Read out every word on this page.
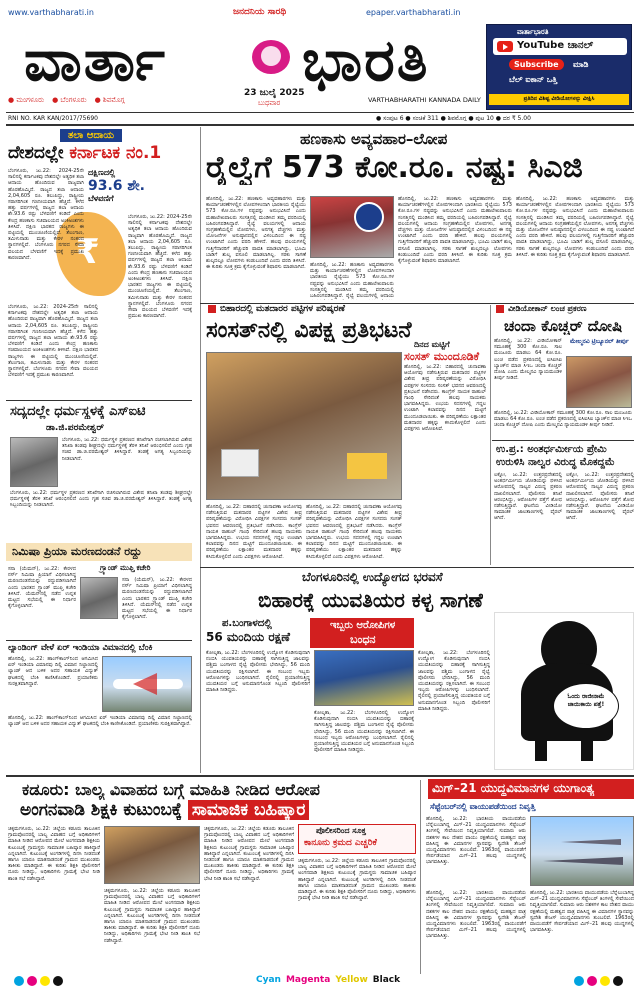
www.varthabharati.in	ಜನದನಿಯ ಸಾರಥಿ	epaper.varthabharati.in
ವಾರ್ತಾ ಭಾರತಿ
● ಮಂಗಳೂರು ● ಬೆಂಗಳೂರು ● ಶಿವಮೊಗ್ಗ
23 ಜುಲೈ 2025
ಬುಧವಾರ	VARTHABHARATHI KANNADA DAILY
ವಾರ್ತಾಭಾರತಿ
YouTube ಚಾನಲ್
Subscribe	ಮಾಡಿ
ಬೆಲ್ ಐಕಾನ್ ಒತ್ತಿ
ಪ್ರತಿದಿನ ವಿಶಿಷ್ಟ ವೀಡಿಯೋಗಳನ್ನು ವೀಕ್ಷಿಸಿ
RNI NO. KAR KAN/2017/75690	● ಸಂಪುಟ 6 ● ಸಂಚಿಕೆ 311 ● ಶಿವಮೊಗ್ಗ ● ಪುಟ 10 ● ದರ ₹ 5.00
ತಲಾ ಆದಾಯ
ದೇಶದಲ್ಲೇ ಕರ್ನಾಟಕ ನಂ.1
ದಕ್ಷಿಣದಲ್ಲಿ
93.6 ಶೇ.
ಬೆಳವಣಿಗೆ
₹
ಬೆಂಗಳೂರು, ಜು.22: 2024-25ನೇ ಸಾಲಿನಲ್ಲಿ ಕರ್ನಾಟಕವು ದೇಶದಲ್ಲೇ ಅತ್ಯಧಿಕ ತಲಾ ಆದಾಯ ಹೊಂದಿರುವ ರಾಜ್ಯವಾಗಿ ಹೊರಹೊಮ್ಮಿದೆ. ರಾಜ್ಯದ ತಲಾ ಆದಾಯ 2,04,605 ರೂ. ತಲುಪಿದ್ದು, ರಾಷ್ಟ್ರೀಯ ಸರಾಸರಿಗಿಂತ ಗಣನೀಯವಾಗಿ ಹೆಚ್ಚಿದೆ. ಕಳೆದ ಹತ್ತು ವರ್ಷಗಳಲ್ಲಿ ರಾಜ್ಯದ ತಲಾ ಆದಾಯ ಶೇ.93.6 ರಷ್ಟು ಬೆಳವಣಿಗೆ ಕಂಡಿದೆ ಎಂದು ಕೇಂದ್ರ ಹಣಕಾಸು ಸಚಿವಾಲಯದ ಅಂಕಿಅಂಶಗಳು ತಿಳಿಸಿವೆ. ದಕ್ಷಿಣ ಭಾರತದ ರಾಜ್ಯಗಳು ಈ ಪಟ್ಟಿಯಲ್ಲಿ ಮುಂಚೂಣಿಯಲ್ಲಿವೆ. ತೆಲಂಗಾಣ, ತಮಿಳುನಾಡು ಮತ್ತು ಕೇರಳ ನಂತರದ ಸ್ಥಾನಗಳಲ್ಲಿವೆ. ಬೆಂಗಳೂರು ನಗರದ ಸೇವಾ ವಲಯದ ಬೆಳವಣಿಗೆ ಇದಕ್ಕೆ ಪ್ರಮುಖ ಕಾರಣವಾಗಿದೆ.
ಬೆಂಗಳೂರು, ಜು.22: 2024-25ನೇ ಸಾಲಿನಲ್ಲಿ ಕರ್ನಾಟಕವು ದೇಶದಲ್ಲೇ ಅತ್ಯಧಿಕ ತಲಾ ಆದಾಯ ಹೊಂದಿರುವ ರಾಜ್ಯವಾಗಿ ಹೊರಹೊಮ್ಮಿದೆ. ರಾಜ್ಯದ ತಲಾ ಆದಾಯ 2,04,605 ರೂ. ತಲುಪಿದ್ದು, ರಾಷ್ಟ್ರೀಯ ಸರಾಸರಿಗಿಂತ ಗಣನೀಯವಾಗಿ ಹೆಚ್ಚಿದೆ. ಕಳೆದ ಹತ್ತು ವರ್ಷಗಳಲ್ಲಿ ರಾಜ್ಯದ ತಲಾ ಆದಾಯ ಶೇ.93.6 ರಷ್ಟು ಬೆಳವಣಿಗೆ ಕಂಡಿದೆ ಎಂದು ಕೇಂದ್ರ ಹಣಕಾಸು ಸಚಿವಾಲಯದ ಅಂಕಿಅಂಶಗಳು ತಿಳಿಸಿವೆ. ದಕ್ಷಿಣ ಭಾರತದ ರಾಜ್ಯಗಳು ಈ ಪಟ್ಟಿಯಲ್ಲಿ ಮುಂಚೂಣಿಯಲ್ಲಿವೆ. ತೆಲಂಗಾಣ, ತಮಿಳುನಾಡು ಮತ್ತು ಕೇರಳ ನಂತರದ ಸ್ಥಾನಗಳಲ್ಲಿವೆ. ಬೆಂಗಳೂರು ನಗರದ ಸೇವಾ ವಲಯದ ಬೆಳವಣಿಗೆ ಇದಕ್ಕೆ ಪ್ರಮುಖ ಕಾರಣವಾಗಿದೆ.
ಬೆಂಗಳೂರು, ಜು.22: 2024-25ನೇ ಸಾಲಿನಲ್ಲಿ ಕರ್ನಾಟಕವು ದೇಶದಲ್ಲೇ ಅತ್ಯಧಿಕ ತಲಾ ಆದಾಯ ಹೊಂದಿರುವ ರಾಜ್ಯವಾಗಿ ಹೊರಹೊಮ್ಮಿದೆ. ರಾಜ್ಯದ ತಲಾ ಆದಾಯ 2,04,605 ರೂ. ತಲುಪಿದ್ದು, ರಾಷ್ಟ್ರೀಯ ಸರಾಸರಿಗಿಂತ ಗಣನೀಯವಾಗಿ ಹೆಚ್ಚಿದೆ. ಕಳೆದ ಹತ್ತು ವರ್ಷಗಳಲ್ಲಿ ರಾಜ್ಯದ ತಲಾ ಆದಾಯ ಶೇ.93.6 ರಷ್ಟು ಬೆಳವಣಿಗೆ ಕಂಡಿದೆ ಎಂದು ಕೇಂದ್ರ ಹಣಕಾಸು ಸಚಿವಾಲಯದ ಅಂಕಿಅಂಶಗಳು ತಿಳಿಸಿವೆ. ದಕ್ಷಿಣ ಭಾರತದ ರಾಜ್ಯಗಳು ಈ ಪಟ್ಟಿಯಲ್ಲಿ ಮುಂಚೂಣಿಯಲ್ಲಿವೆ. ತೆಲಂಗಾಣ, ತಮಿಳುನಾಡು ಮತ್ತು ಕೇರಳ ನಂತರದ ಸ್ಥಾನಗಳಲ್ಲಿವೆ. ಬೆಂಗಳೂರು ನಗರದ ಸೇವಾ ವಲಯದ ಬೆಳವಣಿಗೆ ಇದಕ್ಕೆ ಪ್ರಮುಖ ಕಾರಣವಾಗಿದೆ.
ಸದ್ಯದಲ್ಲೇ ಧರ್ಮಸ್ಥಳಕ್ಕೆ ಎಸ್‌ಐಟಿ
ಡಾ.ಜಿ.ಪರಮೇಶ್ವರ್
ಬೆಂಗಳೂರು, ಜು.22: ಧರ್ಮಸ್ಥಳ ಪ್ರಕರಣದ ತನಿಖೆಗಾಗಿ ರಚಿಸಲಾಗಿರುವ ವಿಶೇಷ ತನಿಖಾ ತಂಡವು ಶೀಘ್ರದಲ್ಲೇ ಧರ್ಮಸ್ಥಳಕ್ಕೆ ತೆರಳಿ ತನಿಖೆ ಆರಂಭಿಸಲಿದೆ ಎಂದು ಗೃಹ ಸಚಿವ ಡಾ.ಜಿ.ಪರಮೇಶ್ವರ್ ತಿಳಿಸಿದ್ದಾರೆ. ತಂಡಕ್ಕೆ ಅಗತ್ಯ ಸಿಬ್ಬಂದಿಯನ್ನು ನೀಡಲಾಗಿದೆ.
ಬೆಂಗಳೂರು, ಜು.22: ಧರ್ಮಸ್ಥಳ ಪ್ರಕರಣದ ತನಿಖೆಗಾಗಿ ರಚಿಸಲಾಗಿರುವ ವಿಶೇಷ ತನಿಖಾ ತಂಡವು ಶೀಘ್ರದಲ್ಲೇ ಧರ್ಮಸ್ಥಳಕ್ಕೆ ತೆರಳಿ ತನಿಖೆ ಆರಂಭಿಸಲಿದೆ ಎಂದು ಗೃಹ ಸಚಿವ ಡಾ.ಜಿ.ಪರಮೇಶ್ವರ್ ತಿಳಿಸಿದ್ದಾರೆ. ತಂಡಕ್ಕೆ ಅಗತ್ಯ ಸಿಬ್ಬಂದಿಯನ್ನು ನೀಡಲಾಗಿದೆ.
ನಿಮಿಷಾ ಪ್ರಿಯಾ ಮರಣದಂಡನೆ ರದ್ದು
ಗ್ರ್ಯಾಂಡ್ ಮುಫ್ತಿ ಕಚೇರಿ
ಸನಾ (ಯೆಮನ್), ಜು.22: ಕೇರಳದ ನರ್ಸ್ ನಿಮಿಷಾ ಪ್ರಿಯಾಗೆ ವಿಧಿಸಲಾಗಿದ್ದ ಮರಣದಂಡನೆಯನ್ನು ರದ್ದುಪಡಿಸಲಾಗಿದೆ ಎಂದು ಭಾರತದ ಗ್ರ್ಯಾಂಡ್ ಮುಫ್ತಿ ಕಚೇರಿ ತಿಳಿಸಿದೆ. ಯೆಮನ್‌ನಲ್ಲಿ ನಡೆದ ಉನ್ನತ ಮಟ್ಟದ ಸಭೆಯಲ್ಲಿ ಈ ನಿರ್ಧಾರ ಕೈಗೊಳ್ಳಲಾಗಿದೆ.
ಸನಾ (ಯೆಮನ್), ಜು.22: ಕೇರಳದ ನರ್ಸ್ ನಿಮಿಷಾ ಪ್ರಿಯಾಗೆ ವಿಧಿಸಲಾಗಿದ್ದ ಮರಣದಂಡನೆಯನ್ನು ರದ್ದುಪಡಿಸಲಾಗಿದೆ ಎಂದು ಭಾರತದ ಗ್ರ್ಯಾಂಡ್ ಮುಫ್ತಿ ಕಚೇರಿ ತಿಳಿಸಿದೆ. ಯೆಮನ್‌ನಲ್ಲಿ ನಡೆದ ಉನ್ನತ ಮಟ್ಟದ ಸಭೆಯಲ್ಲಿ ಈ ನಿರ್ಧಾರ ಕೈಗೊಳ್ಳಲಾಗಿದೆ.
ಲ್ಯಾಂಡಿಂಗ್ ವೇಳೆ ಏರ್ ಇಂಡಿಯಾ ವಿಮಾನದಲ್ಲಿ ಬೆಂಕಿ
ಹೊಸದಿಲ್ಲಿ, ಜು.22: ಹಾಂಗ್‌ಕಾಂಗ್‌ನಿಂದ ಆಗಮಿಸಿದ ಏರ್ ಇಂಡಿಯಾ ವಿಮಾನವು ದಿಲ್ಲಿ ವಿಮಾನ ನಿಲ್ದಾಣದಲ್ಲಿ ಲ್ಯಾಂಡ್ ಆದ ಬಳಿಕ ಅದರ ಸಹಾಯಕ ವಿದ್ಯುತ್ ಘಟಕದಲ್ಲಿ ಬೆಂಕಿ ಕಾಣಿಸಿಕೊಂಡಿದೆ. ಪ್ರಯಾಣಿಕರು ಸುರಕ್ಷಿತವಾಗಿದ್ದಾರೆ.
ಹೊಸದಿಲ್ಲಿ, ಜು.22: ಹಾಂಗ್‌ಕಾಂಗ್‌ನಿಂದ ಆಗಮಿಸಿದ ಏರ್ ಇಂಡಿಯಾ ವಿಮಾನವು ದಿಲ್ಲಿ ವಿಮಾನ ನಿಲ್ದಾಣದಲ್ಲಿ ಲ್ಯಾಂಡ್ ಆದ ಬಳಿಕ ಅದರ ಸಹಾಯಕ ವಿದ್ಯುತ್ ಘಟಕದಲ್ಲಿ ಬೆಂಕಿ ಕಾಣಿಸಿಕೊಂಡಿದೆ. ಪ್ರಯಾಣಿಕರು ಸುರಕ್ಷಿತವಾಗಿದ್ದಾರೆ.
ಹಣಕಾಸು ಅವ್ಯವಹಾರ–ಲೋಪ
ರೈಲ್ವೆಗೆ 573 ಕೋ.ರೂ. ನಷ್ಟ: ಸಿಎಜಿ
ಹೊಸದಿಲ್ಲಿ, ಜು.22: ಹಣಕಾಸು ಅವ್ಯವಹಾರಗಳು ಮತ್ತು ಕಾರ್ಯಾಚರಣೆಗಳಲ್ಲಿನ ಲೋಪಗಳಿಂದಾಗಿ ಭಾರತೀಯ ರೈಲ್ವೆಯು 573 ಕೋ.ರೂ.ಗಳ ನಷ್ಟವನ್ನು ಅನುಭವಿಸಿದೆ ಎಂದು ಮಹಾಲೇಖಪಾಲರು ಸಂಸತ್ತಿನಲ್ಲಿ ಮಂಡಿಸಿದ ತಮ್ಮ ವರದಿಯಲ್ಲಿ ಬಹಿರಂಗಪಡಿಸಿದ್ದಾರೆ. ರೈಲ್ವೆ ವಲಯಗಳಲ್ಲಿ ಆದಾಯ ಸಂಗ್ರಹಣೆಯಲ್ಲಿನ ಲೋಪಗಳು, ಅನಗತ್ಯ ವೆಚ್ಚಗಳು ಮತ್ತು ಯೋಜನೆಗಳ ಅನುಷ್ಠಾನದಲ್ಲಿನ ವಿಳಂಬದಿಂದ ಈ ನಷ್ಟ ಉಂಟಾಗಿದೆ ಎಂದು ವರದಿ ಹೇಳಿದೆ. ಹಲವು ವಲಯಗಳಲ್ಲಿ ಗುತ್ತಿಗೆದಾರರಿಗೆ ಹೆಚ್ಚುವರಿ ಪಾವತಿ ಮಾಡಲಾಗಿದ್ದು, ಭೂಮಿ ಬಾಡಿಗೆ ಶುಲ್ಕ ವಸೂಲಿ ಮಾಡಲಾಗಿಲ್ಲ. ಸರಕು ಸಾಗಣೆ ಶುಲ್ಕದಲ್ಲೂ ಲೋಪಗಳು ಕಂಡುಬಂದಿವೆ ಎಂದು ವರದಿ ತಿಳಿಸಿದೆ. ಈ ಕುರಿತು ಸೂಕ್ತ ಕ್ರಮ ಕೈಗೊಳ್ಳುವಂತೆ ಶಿಫಾರಸು ಮಾಡಲಾಗಿದೆ. ಹೊಸದಿಲ್ಲಿ, ಜು.22: ಹಣಕಾಸು ಅವ್ಯವಹಾರಗಳು ಮತ್ತು ಕಾರ್ಯಾಚರಣೆಗಳಲ್ಲಿನ ಲೋಪಗಳಿಂದಾಗಿ ಭಾರತೀಯ ರೈಲ್ವೆಯು 573 ಕೋ.ರೂ.ಗಳ ನಷ್ಟವನ್ನು ಅನುಭವಿಸಿದೆ ಎಂದು ಮಹಾಲೇಖಪಾಲರು ಸಂಸತ್ತಿನಲ್ಲಿ ಮಂಡಿಸಿದ ತಮ್ಮ ವರದಿಯಲ್ಲಿ ಬಹಿರಂಗಪಡಿಸಿದ್ದಾರೆ. ರೈಲ್ವೆ ವಲಯಗಳಲ್ಲಿ ಆದಾಯ
ಹೊಸದಿಲ್ಲಿ, ಜು.22: ಹಣಕಾಸು ಅವ್ಯವಹಾರಗಳು ಮತ್ತು ಕಾರ್ಯಾಚರಣೆಗಳಲ್ಲಿನ ಲೋಪಗಳಿಂದಾಗಿ ಭಾರತೀಯ ರೈಲ್ವೆಯು 573 ಕೋ.ರೂ.ಗಳ ನಷ್ಟವನ್ನು ಅನುಭವಿಸಿದೆ ಎಂದು ಮಹಾಲೇಖಪಾಲರು ಸಂಸತ್ತಿನಲ್ಲಿ ಮಂಡಿಸಿದ ತಮ್ಮ ವರದಿಯಲ್ಲಿ ಬಹಿರಂಗಪಡಿಸಿದ್ದಾರೆ. ರೈಲ್ವೆ ವಲಯಗಳಲ್ಲಿ ಆದಾಯ ಸಂಗ್ರಹಣೆಯಲ್ಲಿನ ಲೋಪಗಳು, ಅನಗತ್ಯ ವೆಚ್ಚಗಳು ಮತ್ತು ಯೋಜನೆಗಳ ಅನುಷ್ಠಾನದಲ್ಲಿನ ವಿಳಂಬದಿಂದ ಈ ನಷ್ಟ ಉಂಟಾಗಿದೆ ಎಂದು ವರದಿ ಹೇಳಿದೆ. ಹಲವು ವಲಯಗಳಲ್ಲಿ ಗುತ್ತಿಗೆದಾರರಿಗೆ ಹೆಚ್ಚುವರಿ ಪಾವತಿ ಮಾಡಲಾಗಿದ್ದು, ಭೂಮಿ ಬಾಡಿಗೆ ಶುಲ್ಕ ವಸೂಲಿ ಮಾಡಲಾಗಿಲ್ಲ. ಸರಕು ಸಾಗಣೆ ಶುಲ್ಕದಲ್ಲೂ ಲೋಪಗಳು ಕಂಡುಬಂದಿವೆ ಎಂದು ವರದಿ ತಿಳಿಸಿದೆ. ಈ ಕುರಿತು ಸೂಕ್ತ ಕ್ರಮ ಕೈಗೊಳ್ಳುವಂತೆ ಶಿಫಾರಸು ಮಾಡಲಾಗಿದೆ.
ಹೊಸದಿಲ್ಲಿ, ಜು.22: ಹಣಕಾಸು ಅವ್ಯವಹಾರಗಳು ಮತ್ತು ಕಾರ್ಯಾಚರಣೆಗಳಲ್ಲಿನ ಲೋಪಗಳಿಂದಾಗಿ ಭಾರತೀಯ ರೈಲ್ವೆಯು 573 ಕೋ.ರೂ.ಗಳ ನಷ್ಟವನ್ನು ಅನುಭವಿಸಿದೆ ಎಂದು ಮಹಾಲೇಖಪಾಲರು ಸಂಸತ್ತಿನಲ್ಲಿ ಮಂಡಿಸಿದ ತಮ್ಮ ವರದಿಯಲ್ಲಿ ಬಹಿರಂಗಪಡಿಸಿದ್ದಾರೆ. ರೈಲ್ವೆ ವಲಯಗಳಲ್ಲಿ ಆದಾಯ ಸಂಗ್ರಹಣೆಯಲ್ಲಿನ ಲೋಪಗಳು, ಅನಗತ್ಯ ವೆಚ್ಚಗಳು ಮತ್ತು ಯೋಜನೆಗಳ ಅನುಷ್ಠಾನದಲ್ಲಿನ ವಿಳಂಬದಿಂದ ಈ ನಷ್ಟ ಉಂಟಾಗಿದೆ ಎಂದು ವರದಿ ಹೇಳಿದೆ. ಹಲವು ವಲಯಗಳಲ್ಲಿ ಗುತ್ತಿಗೆದಾರರಿಗೆ ಹೆಚ್ಚುವರಿ ಪಾವತಿ ಮಾಡಲಾಗಿದ್ದು, ಭೂಮಿ ಬಾಡಿಗೆ ಶುಲ್ಕ ವಸೂಲಿ ಮಾಡಲಾಗಿಲ್ಲ. ಸರಕು ಸಾಗಣೆ ಶುಲ್ಕದಲ್ಲೂ ಲೋಪಗಳು ಕಂಡುಬಂದಿವೆ ಎಂದು ವರದಿ ತಿಳಿಸಿದೆ. ಈ ಕುರಿತು ಸೂಕ್ತ ಕ್ರಮ ಕೈಗೊಳ್ಳುವಂತೆ ಶಿಫಾರಸು ಮಾಡಲಾಗಿದೆ.
ಬಿಹಾರದಲ್ಲಿ ಮತದಾರರ ಪಟ್ಟಿಗಳ ಪರಿಷ್ಕರಣೆ
ಸಂಸತ್‌ನಲ್ಲಿ ವಿಪಕ್ಷ ಪ್ರತಿಭಟನೆ
ದಿನದ ಮಟ್ಟಿಗೆ
ಸಂಸತ್ ಮುಂದೂಡಿಕೆ
ಹೊಸದಿಲ್ಲಿ, ಜು.22: ಬಿಹಾರದಲ್ಲಿ ಚುನಾವಣಾ ಆಯೋಗವು ನಡೆಸುತ್ತಿರುವ ಮತದಾರರ ಪಟ್ಟಿಗಳ ವಿಶೇಷ ತೀವ್ರ ಪರಿಷ್ಕರಣೆಯನ್ನು ವಿರೋಧಿಸಿ ವಿಪಕ್ಷಗಳ ಸಂಸದರು ಸಂಸತ್ ಭವನದ ಆವರಣದಲ್ಲಿ ಪ್ರತಿಭಟನೆ ನಡೆಸಿದರು. ಕಾಂಗ್ರೆಸ್ ನಾಯಕ ರಾಹುಲ್ ಗಾಂಧಿ ಸೇರಿದಂತೆ ಹಲವು ನಾಯಕರು ಭಾಗವಹಿಸಿದ್ದರು. ಉಭಯ ಸದನಗಳಲ್ಲಿ ಗದ್ದಲ ಉಂಟಾಗಿ ಕಲಾಪವನ್ನು ದಿನದ ಮಟ್ಟಿಗೆ ಮುಂದೂಡಲಾಯಿತು. ಈ ಪರಿಷ್ಕರಣೆಯು ಲಕ್ಷಾಂತರ ಮತದಾರರ ಹಕ್ಕನ್ನು ಕಸಿದುಕೊಳ್ಳಲಿದೆ ಎಂದು ವಿಪಕ್ಷಗಳು ಆರೋಪಿಸಿವೆ.
ಹೊಸದಿಲ್ಲಿ, ಜು.22: ಬಿಹಾರದಲ್ಲಿ ಚುನಾವಣಾ ಆಯೋಗವು ನಡೆಸುತ್ತಿರುವ ಮತದಾರರ ಪಟ್ಟಿಗಳ ವಿಶೇಷ ತೀವ್ರ ಪರಿಷ್ಕರಣೆಯನ್ನು ವಿರೋಧಿಸಿ ವಿಪಕ್ಷಗಳ ಸಂಸದರು ಸಂಸತ್ ಭವನದ ಆವರಣದಲ್ಲಿ ಪ್ರತಿಭಟನೆ ನಡೆಸಿದರು. ಕಾಂಗ್ರೆಸ್ ನಾಯಕ ರಾಹುಲ್ ಗಾಂಧಿ ಸೇರಿದಂತೆ ಹಲವು ನಾಯಕರು ಭಾಗವಹಿಸಿದ್ದರು. ಉಭಯ ಸದನಗಳಲ್ಲಿ ಗದ್ದಲ ಉಂಟಾಗಿ ಕಲಾಪವನ್ನು ದಿನದ ಮಟ್ಟಿಗೆ ಮುಂದೂಡಲಾಯಿತು. ಈ ಪರಿಷ್ಕರಣೆಯು ಲಕ್ಷಾಂತರ ಮತದಾರರ ಹಕ್ಕನ್ನು ಕಸಿದುಕೊಳ್ಳಲಿದೆ ಎಂದು ವಿಪಕ್ಷಗಳು ಆರೋಪಿಸಿವೆ.
ಹೊಸದಿಲ್ಲಿ, ಜು.22: ಬಿಹಾರದಲ್ಲಿ ಚುನಾವಣಾ ಆಯೋಗವು ನಡೆಸುತ್ತಿರುವ ಮತದಾರರ ಪಟ್ಟಿಗಳ ವಿಶೇಷ ತೀವ್ರ ಪರಿಷ್ಕರಣೆಯನ್ನು ವಿರೋಧಿಸಿ ವಿಪಕ್ಷಗಳ ಸಂಸದರು ಸಂಸತ್ ಭವನದ ಆವರಣದಲ್ಲಿ ಪ್ರತಿಭಟನೆ ನಡೆಸಿದರು. ಕಾಂಗ್ರೆಸ್ ನಾಯಕ ರಾಹುಲ್ ಗಾಂಧಿ ಸೇರಿದಂತೆ ಹಲವು ನಾಯಕರು ಭಾಗವಹಿಸಿದ್ದರು. ಉಭಯ ಸದನಗಳಲ್ಲಿ ಗದ್ದಲ ಉಂಟಾಗಿ ಕಲಾಪವನ್ನು ದಿನದ ಮಟ್ಟಿಗೆ ಮುಂದೂಡಲಾಯಿತು. ಈ ಪರಿಷ್ಕರಣೆಯು ಲಕ್ಷಾಂತರ ಮತದಾರರ ಹಕ್ಕನ್ನು ಕಸಿದುಕೊಳ್ಳಲಿದೆ ಎಂದು ವಿಪಕ್ಷಗಳು ಆರೋಪಿಸಿವೆ.
ವೀಡಿಯೋಕಾನ್ ಲಂಚ ಪ್ರಕರಣ
ಚಂದಾ ಕೊಚ್ಚರ್ ದೋಷಿ
ಹೊಸದಿಲ್ಲಿ, ಜು.22: ವೀಡಿಯೋಕಾನ್ ಸಮೂಹಕ್ಕೆ 300 ಕೋ.ರೂ. ಸಾಲ ಮಂಜೂರು ಮಾಡಲು 64 ಕೋ.ರೂ. ಲಂಚ ಪಡೆದ ಪ್ರಕರಣದಲ್ಲಿ ಐಸಿಐಸಿಐ ಬ್ಯಾಂಕ್‌ನ ಮಾಜಿ ಸಿಇಒ ಚಂದಾ ಕೊಚ್ಚರ್ ದೋಷಿ ಎಂದು ಮೇಲ್ಮನವಿ ನ್ಯಾಯಮಂಡಳಿ ತೀರ್ಪು ನೀಡಿದೆ.
ಮೇಲ್ಮನವಿ ಟ್ರಿಬ್ಯೂನಲ್ ತೀರ್ಪು
ಹೊಸದಿಲ್ಲಿ, ಜು.22: ವೀಡಿಯೋಕಾನ್ ಸಮೂಹಕ್ಕೆ 300 ಕೋ.ರೂ. ಸಾಲ ಮಂಜೂರು ಮಾಡಲು 64 ಕೋ.ರೂ. ಲಂಚ ಪಡೆದ ಪ್ರಕರಣದಲ್ಲಿ ಐಸಿಐಸಿಐ ಬ್ಯಾಂಕ್‌ನ ಮಾಜಿ ಸಿಇಒ ಚಂದಾ ಕೊಚ್ಚರ್ ದೋಷಿ ಎಂದು ಮೇಲ್ಮನವಿ ನ್ಯಾಯಮಂಡಳಿ ತೀರ್ಪು ನೀಡಿದೆ.
ಉ.ಪ್ರ.: ಅಂತರ್ಧರ್ಮೀಯ ಪ್ರೇಮಿ ಉರುಳಿಸಿ ನಾಲ್ವರ ವಿರುದ್ಧ ಮೊಕದ್ದಮೆ
ಲಕ್ನೋ, ಜು.22: ಉತ್ತರಪ್ರದೇಶದಲ್ಲಿ ಅಂತರ್ಧರ್ಮೀಯ ಜೋಡಿಯನ್ನು ಥಳಿಸಿದ ಆರೋಪದಲ್ಲಿ ನಾಲ್ವರ ವಿರುದ್ಧ ಪ್ರಕರಣ ದಾಖಲಿಸಲಾಗಿದೆ. ಪೊಲೀಸರು ತನಿಖೆ ಆರಂಭಿಸಿದ್ದು, ಆರೋಪಿಗಳ ಪತ್ತೆಗೆ ಶೋಧ ನಡೆಸುತ್ತಿದ್ದಾರೆ. ಘಟನೆಯ ವೀಡಿಯೋ ಸಾಮಾಜಿಕ ಜಾಲತಾಣಗಳಲ್ಲಿ ವೈರಲ್ ಆಗಿದೆ.
ಲಕ್ನೋ, ಜು.22: ಉತ್ತರಪ್ರದೇಶದಲ್ಲಿ ಅಂತರ್ಧರ್ಮೀಯ ಜೋಡಿಯನ್ನು ಥಳಿಸಿದ ಆರೋಪದಲ್ಲಿ ನಾಲ್ವರ ವಿರುದ್ಧ ಪ್ರಕರಣ ದಾಖಲಿಸಲಾಗಿದೆ. ಪೊಲೀಸರು ತನಿಖೆ ಆರಂಭಿಸಿದ್ದು, ಆರೋಪಿಗಳ ಪತ್ತೆಗೆ ಶೋಧ ನಡೆಸುತ್ತಿದ್ದಾರೆ. ಘಟನೆಯ ವೀಡಿಯೋ ಸಾಮಾಜಿಕ ಜಾಲತಾಣಗಳಲ್ಲಿ ವೈರಲ್ ಆಗಿದೆ.
ಬೆಂಗಳೂರಿನಲ್ಲಿ ಉದ್ಯೋಗದ ಭರವಸೆ
ಬಿಹಾರಕ್ಕೆ ಯುವತಿಯರ ಕಳ್ಳ ಸಾಗಣೆ
ಪ.ಬಂಗಾಳದಲ್ಲಿ
56 ಮಂದಿಯ ರಕ್ಷಣೆ
ಇಬ್ಬರು ಆರೋಪಿಗಳ
ಬಂಧನ
ಕೋಲ್ಕತಾ, ಜು.22: ಬೆಂಗಳೂರಿನಲ್ಲಿ ಉದ್ಯೋಗ ಕೊಡಿಸುವುದಾಗಿ ನಂಬಿಸಿ ಯುವತಿಯರನ್ನು ಬಿಹಾರಕ್ಕೆ ಸಾಗಿಸುತ್ತಿದ್ದ ಜಾಲವನ್ನು ಪಶ್ಚಿಮ ಬಂಗಾಳದ ರೈಲ್ವೆ ಪೊಲೀಸರು ಭೇದಿಸಿದ್ದು, 56 ಮಂದಿ ಯುವತಿಯರನ್ನು ರಕ್ಷಿಸಲಾಗಿದೆ. ಈ ಸಂಬಂಧ ಇಬ್ಬರು ಆರೋಪಿಗಳನ್ನು ಬಂಧಿಸಲಾಗಿದೆ. ರೈಲಿನಲ್ಲಿ ಪ್ರಯಾಣಿಸುತ್ತಿದ್ದ ಯುವತಿಯರ ಬಗ್ಗೆ ಅನುಮಾನಗೊಂಡ ಸಿಬ್ಬಂದಿ ಪೊಲೀಸರಿಗೆ ಮಾಹಿತಿ ನೀಡಿದ್ದರು.
ಕೋಲ್ಕತಾ, ಜು.22: ಬೆಂಗಳೂರಿನಲ್ಲಿ ಉದ್ಯೋಗ ಕೊಡಿಸುವುದಾಗಿ ನಂಬಿಸಿ ಯುವತಿಯರನ್ನು ಬಿಹಾರಕ್ಕೆ ಸಾಗಿಸುತ್ತಿದ್ದ ಜಾಲವನ್ನು ಪಶ್ಚಿಮ ಬಂಗಾಳದ ರೈಲ್ವೆ ಪೊಲೀಸರು ಭೇದಿಸಿದ್ದು, 56 ಮಂದಿ ಯುವತಿಯರನ್ನು ರಕ್ಷಿಸಲಾಗಿದೆ. ಈ ಸಂಬಂಧ ಇಬ್ಬರು ಆರೋಪಿಗಳನ್ನು ಬಂಧಿಸಲಾಗಿದೆ. ರೈಲಿನಲ್ಲಿ ಪ್ರಯಾಣಿಸುತ್ತಿದ್ದ ಯುವತಿಯರ ಬಗ್ಗೆ ಅನುಮಾನಗೊಂಡ ಸಿಬ್ಬಂದಿ ಪೊಲೀಸರಿಗೆ ಮಾಹಿತಿ ನೀಡಿದ್ದರು.
ಕೋಲ್ಕತಾ, ಜು.22: ಬೆಂಗಳೂರಿನಲ್ಲಿ ಉದ್ಯೋಗ ಕೊಡಿಸುವುದಾಗಿ ನಂಬಿಸಿ ಯುವತಿಯರನ್ನು ಬಿಹಾರಕ್ಕೆ ಸಾಗಿಸುತ್ತಿದ್ದ ಜಾಲವನ್ನು ಪಶ್ಚಿಮ ಬಂಗಾಳದ ರೈಲ್ವೆ ಪೊಲೀಸರು ಭೇದಿಸಿದ್ದು, 56 ಮಂದಿ ಯುವತಿಯರನ್ನು ರಕ್ಷಿಸಲಾಗಿದೆ. ಈ ಸಂಬಂಧ ಇಬ್ಬರು ಆರೋಪಿಗಳನ್ನು ಬಂಧಿಸಲಾಗಿದೆ. ರೈಲಿನಲ್ಲಿ ಪ್ರಯಾಣಿಸುತ್ತಿದ್ದ ಯುವತಿಯರ ಬಗ್ಗೆ ಅನುಮಾನಗೊಂಡ ಸಿಬ್ಬಂದಿ ಪೊಲೀಸರಿಗೆ ಮಾಹಿತಿ ನೀಡಿದ್ದರು.
ಓಂದು ರಾಜೀನಾಮೆ ಜಾಯಿಕಾಯಿ ಪತ್ತೆ!
ಕಡೂರು: ಬಾಲ್ಯ ವಿವಾಹದ ಬಗ್ಗೆ ಮಾಹಿತಿ ನೀಡಿದ ಆರೋಪ
ಅಂಗನವಾಡಿ ಶಿಕ್ಷಕಿ ಕುಟುಂಬಕ್ಕೆ ಸಾಮಾಜಿಕ ಬಹಿಷ್ಕಾರ
ಚಿಕ್ಕಮಗಳೂರು, ಜು.22: ಜಿಲ್ಲೆಯ ಕಡೂರು ತಾಲೂಕಿನ ಗ್ರಾಮವೊಂದರಲ್ಲಿ ಬಾಲ್ಯ ವಿವಾಹದ ಬಗ್ಗೆ ಅಧಿಕಾರಿಗಳಿಗೆ ಮಾಹಿತಿ ನೀಡಿದ ಆರೋಪದ ಮೇಲೆ ಅಂಗನವಾಡಿ ಶಿಕ್ಷಕಿಯ ಕುಟುಂಬಕ್ಕೆ ಗ್ರಾಮಸ್ಥರು ಸಾಮಾಜಿಕ ಬಹಿಷ್ಕಾರ ಹಾಕಿದ್ದಾರೆ ಎನ್ನಲಾಗಿದೆ. ಕುಟುಂಬಕ್ಕೆ ಅಂಗಡಿಗಳಲ್ಲಿ ದಿನಸಿ ನೀಡದಂತೆ ಹಾಗೂ ಯಾರೂ ಮಾತನಾಡದಂತೆ ಗ್ರಾಮದ ಮುಖಂಡರು ತಾಕೀತು ಮಾಡಿದ್ದಾರೆ. ಈ ಕುರಿತು ಶಿಕ್ಷಕಿ ಪೊಲೀಸರಿಗೆ ದೂರು ನೀಡಿದ್ದು, ಅಧಿಕಾರಿಗಳು ಗ್ರಾಮಕ್ಕೆ ಭೇಟಿ ನೀಡಿ ಶಾಂತಿ ಸಭೆ ನಡೆಸಿದ್ದಾರೆ.
ಚಿಕ್ಕಮಗಳೂರು, ಜು.22: ಜಿಲ್ಲೆಯ ಕಡೂರು ತಾಲೂಕಿನ ಗ್ರಾಮವೊಂದರಲ್ಲಿ ಬಾಲ್ಯ ವಿವಾಹದ ಬಗ್ಗೆ ಅಧಿಕಾರಿಗಳಿಗೆ ಮಾಹಿತಿ ನೀಡಿದ ಆರೋಪದ ಮೇಲೆ ಅಂಗನವಾಡಿ ಶಿಕ್ಷಕಿಯ ಕುಟುಂಬಕ್ಕೆ ಗ್ರಾಮಸ್ಥರು ಸಾಮಾಜಿಕ ಬಹಿಷ್ಕಾರ ಹಾಕಿದ್ದಾರೆ ಎನ್ನಲಾಗಿದೆ. ಕುಟುಂಬಕ್ಕೆ ಅಂಗಡಿಗಳಲ್ಲಿ ದಿನಸಿ ನೀಡದಂತೆ ಹಾಗೂ ಯಾರೂ ಮಾತನಾಡದಂತೆ ಗ್ರಾಮದ ಮುಖಂಡರು ತಾಕೀತು ಮಾಡಿದ್ದಾರೆ. ಈ ಕುರಿತು ಶಿಕ್ಷಕಿ ಪೊಲೀಸರಿಗೆ ದೂರು ನೀಡಿದ್ದು, ಅಧಿಕಾರಿಗಳು ಗ್ರಾಮಕ್ಕೆ ಭೇಟಿ ನೀಡಿ ಶಾಂತಿ ಸಭೆ ನಡೆಸಿದ್ದಾರೆ.
ಚಿಕ್ಕಮಗಳೂರು, ಜು.22: ಜಿಲ್ಲೆಯ ಕಡೂರು ತಾಲೂಕಿನ ಗ್ರಾಮವೊಂದರಲ್ಲಿ ಬಾಲ್ಯ ವಿವಾಹದ ಬಗ್ಗೆ ಅಧಿಕಾರಿಗಳಿಗೆ ಮಾಹಿತಿ ನೀಡಿದ ಆರೋಪದ ಮೇಲೆ ಅಂಗನವಾಡಿ ಶಿಕ್ಷಕಿಯ ಕುಟುಂಬಕ್ಕೆ ಗ್ರಾಮಸ್ಥರು ಸಾಮಾಜಿಕ ಬಹಿಷ್ಕಾರ ಹಾಕಿದ್ದಾರೆ ಎನ್ನಲಾಗಿದೆ. ಕುಟುಂಬಕ್ಕೆ ಅಂಗಡಿಗಳಲ್ಲಿ ದಿನಸಿ ನೀಡದಂತೆ ಹಾಗೂ ಯಾರೂ ಮಾತನಾಡದಂತೆ ಗ್ರಾಮದ ಮುಖಂಡರು ತಾಕೀತು ಮಾಡಿದ್ದಾರೆ. ಈ ಕುರಿತು ಶಿಕ್ಷಕಿ ಪೊಲೀಸರಿಗೆ ದೂರು ನೀಡಿದ್ದು, ಅಧಿಕಾರಿಗಳು ಗ್ರಾಮಕ್ಕೆ ಭೇಟಿ ನೀಡಿ ಶಾಂತಿ ಸಭೆ ನಡೆಸಿದ್ದಾರೆ.
ಪೊಲೀಸರಿಂದ ಸೂಕ್ತ
ಕಾನೂನು ಕ್ರಮದ ಎಚ್ಚರಿಕೆ
ಚಿಕ್ಕಮಗಳೂರು, ಜು.22: ಜಿಲ್ಲೆಯ ಕಡೂರು ತಾಲೂಕಿನ ಗ್ರಾಮವೊಂದರಲ್ಲಿ ಬಾಲ್ಯ ವಿವಾಹದ ಬಗ್ಗೆ ಅಧಿಕಾರಿಗಳಿಗೆ ಮಾಹಿತಿ ನೀಡಿದ ಆರೋಪದ ಮೇಲೆ ಅಂಗನವಾಡಿ ಶಿಕ್ಷಕಿಯ ಕುಟುಂಬಕ್ಕೆ ಗ್ರಾಮಸ್ಥರು ಸಾಮಾಜಿಕ ಬಹಿಷ್ಕಾರ ಹಾಕಿದ್ದಾರೆ ಎನ್ನಲಾಗಿದೆ. ಕುಟುಂಬಕ್ಕೆ ಅಂಗಡಿಗಳಲ್ಲಿ ದಿನಸಿ ನೀಡದಂತೆ ಹಾಗೂ ಯಾರೂ ಮಾತನಾಡದಂತೆ ಗ್ರಾಮದ ಮುಖಂಡರು ತಾಕೀತು ಮಾಡಿದ್ದಾರೆ. ಈ ಕುರಿತು ಶಿಕ್ಷಕಿ ಪೊಲೀಸರಿಗೆ ದೂರು ನೀಡಿದ್ದು, ಅಧಿಕಾರಿಗಳು ಗ್ರಾಮಕ್ಕೆ ಭೇಟಿ ನೀಡಿ ಶಾಂತಿ ಸಭೆ ನಡೆಸಿದ್ದಾರೆ.
ಮಿಗ್–21 ಯುದ್ಧವಿಮಾನಗಳ ಯುಗಾಂತ್ಯ
ಸೆಪ್ಟೆಂಬರ್‌ನಲ್ಲಿ ವಾಯುಪಡೆಯಿಂದ ನಿವೃತ್ತಿ
ಹೊಸದಿಲ್ಲಿ, ಜು.22: ಭಾರತೀಯ ವಾಯುಪಡೆಯ ಬೆನ್ನೆಲುಬಾಗಿದ್ದ ಮಿಗ್–21 ಯುದ್ಧವಿಮಾನಗಳು ಸೆಪ್ಟೆಂಬರ್ ತಿಂಗಳಲ್ಲಿ ಸೇವೆಯಿಂದ ನಿವೃತ್ತಿಯಾಗಲಿವೆ. ಸುಮಾರು ಆರು ದಶಕಗಳ ಕಾಲ ದೇಶದ ವಾಯು ರಕ್ಷಣೆಯಲ್ಲಿ ಮಹತ್ವದ ಪಾತ್ರ ವಹಿಸಿದ್ದ ಈ ವಿಮಾನಗಳ ಸ್ಥಾನವನ್ನು ಸ್ವದೇಶಿ ತೇಜಸ್ ಯುದ್ಧವಿಮಾನಗಳು ತುಂಬಲಿವೆ. 1963ರಲ್ಲಿ ವಾಯುಪಡೆಗೆ ಸೇರ್ಪಡೆಯಾದ ಮಿಗ್–21 ಹಲವು ಯುದ್ಧಗಳಲ್ಲಿ ಭಾಗವಹಿಸಿತ್ತು.
ಹೊಸದಿಲ್ಲಿ, ಜು.22: ಭಾರತೀಯ ವಾಯುಪಡೆಯ ಬೆನ್ನೆಲುಬಾಗಿದ್ದ ಮಿಗ್–21 ಯುದ್ಧವಿಮಾನಗಳು ಸೆಪ್ಟೆಂಬರ್ ತಿಂಗಳಲ್ಲಿ ಸೇವೆಯಿಂದ ನಿವೃತ್ತಿಯಾಗಲಿವೆ. ಸುಮಾರು ಆರು ದಶಕಗಳ ಕಾಲ ದೇಶದ ವಾಯು ರಕ್ಷಣೆಯಲ್ಲಿ ಮಹತ್ವದ ಪಾತ್ರ ವಹಿಸಿದ್ದ ಈ ವಿಮಾನಗಳ ಸ್ಥಾನವನ್ನು ಸ್ವದೇಶಿ ತೇಜಸ್ ಯುದ್ಧವಿಮಾನಗಳು ತುಂಬಲಿವೆ. 1963ರಲ್ಲಿ ವಾಯುಪಡೆಗೆ ಸೇರ್ಪಡೆಯಾದ ಮಿಗ್–21 ಹಲವು ಯುದ್ಧಗಳಲ್ಲಿ ಭಾಗವಹಿಸಿತ್ತು.
ಹೊಸದಿಲ್ಲಿ, ಜು.22: ಭಾರತೀಯ ವಾಯುಪಡೆಯ ಬೆನ್ನೆಲುಬಾಗಿದ್ದ ಮಿಗ್–21 ಯುದ್ಧವಿಮಾನಗಳು ಸೆಪ್ಟೆಂಬರ್ ತಿಂಗಳಲ್ಲಿ ಸೇವೆಯಿಂದ ನಿವೃತ್ತಿಯಾಗಲಿವೆ. ಸುಮಾರು ಆರು ದಶಕಗಳ ಕಾಲ ದೇಶದ ವಾಯು ರಕ್ಷಣೆಯಲ್ಲಿ ಮಹತ್ವದ ಪಾತ್ರ ವಹಿಸಿದ್ದ ಈ ವಿಮಾನಗಳ ಸ್ಥಾನವನ್ನು ಸ್ವದೇಶಿ ತೇಜಸ್ ಯುದ್ಧವಿಮಾನಗಳು ತುಂಬಲಿವೆ. 1963ರಲ್ಲಿ ವಾಯುಪಡೆಗೆ ಸೇರ್ಪಡೆಯಾದ ಮಿಗ್–21 ಹಲವು ಯುದ್ಧಗಳಲ್ಲಿ ಭಾಗವಹಿಸಿತ್ತು.
Cyan Magenta Yellow Black
